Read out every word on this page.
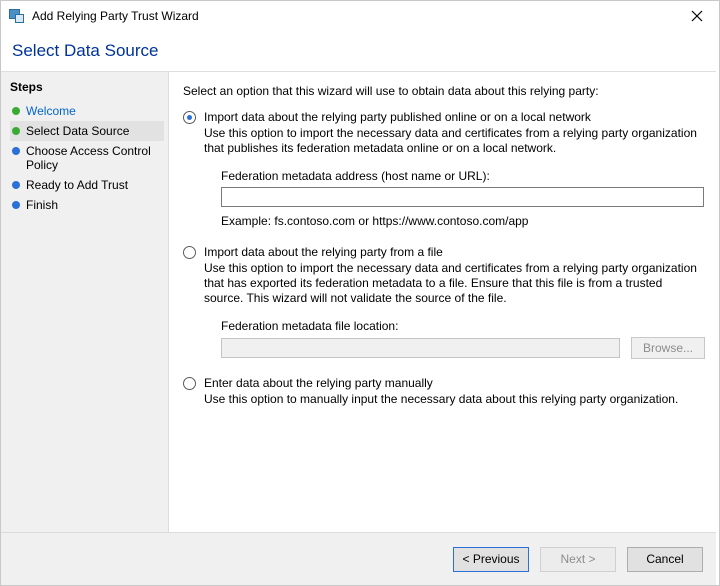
Add Relying Party Trust Wizard
Select Data Source
Steps
Welcome
Select Data Source
Choose Access Control Policy
Ready to Add Trust
Finish
Select an option that this wizard will use to obtain data about this relying party:
Import data about the relying party published online or on a local network
Use this option to import the necessary data and certificates from a relying party organization that publishes its federation metadata online or on a local network.
Federation metadata address (host name or URL):
Example: fs.contoso.com or https://www.contoso.com/app
Import data about the relying party from a file
Use this option to import the necessary data and certificates from a relying party organization that has exported its federation metadata to a file. Ensure that this file is from a trusted source. This wizard will not validate the source of the file.
Federation metadata file location:
Browse...
Enter data about the relying party manually
Use this option to manually input the necessary data about this relying party organization.
< Previous	Next >	Cancel
